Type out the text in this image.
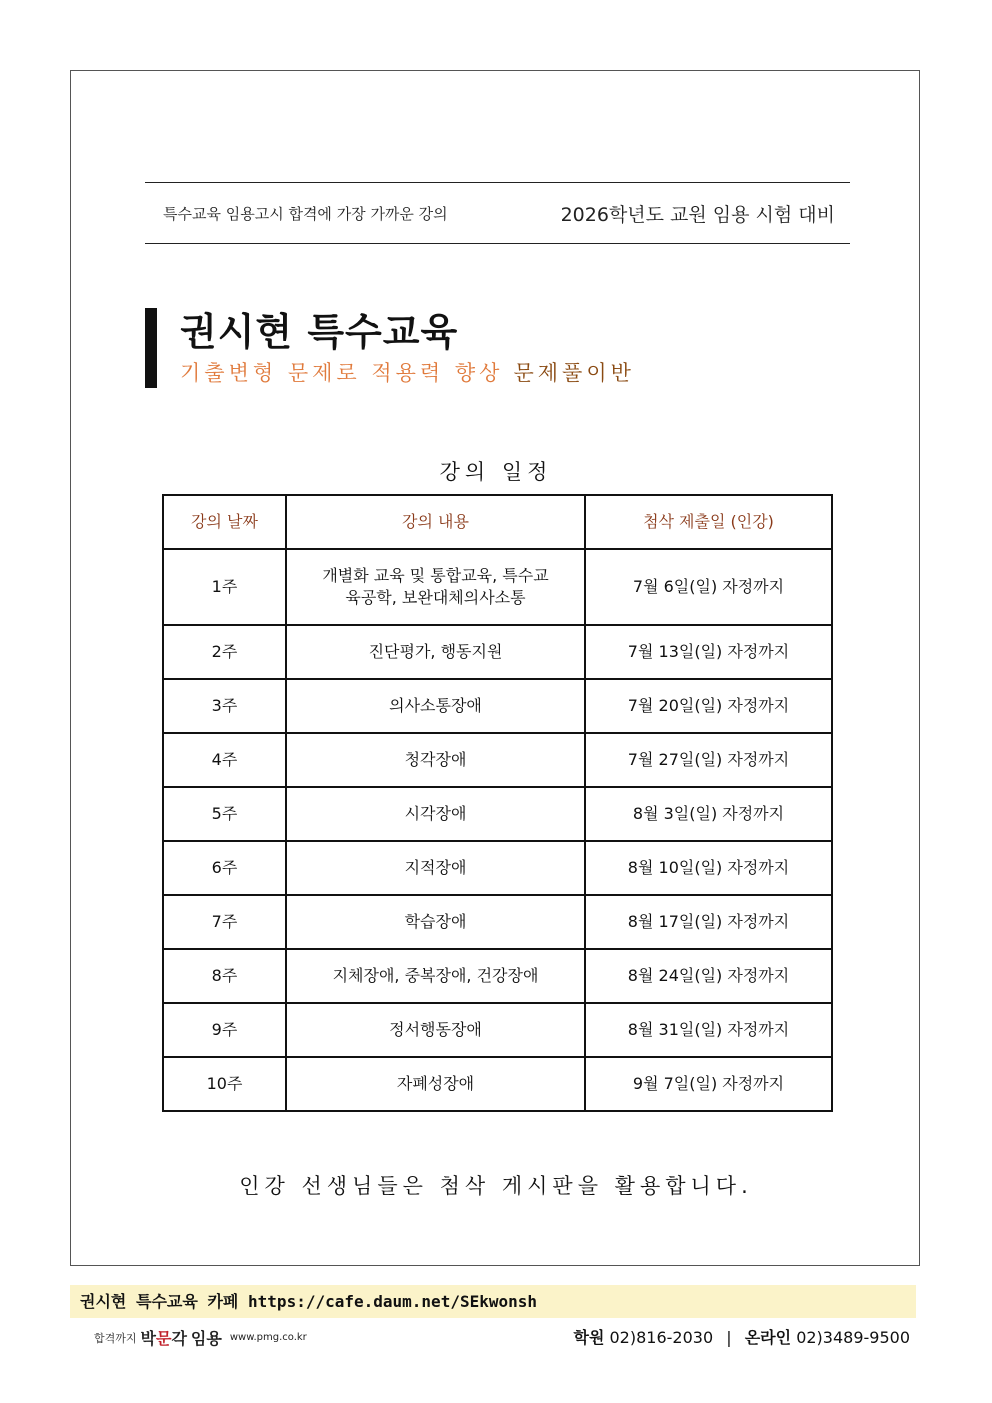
특수교육 임용고시 합격에 가장 가까운 강의	2026학년도 교원 임용 시험 대비
권시현 특수교육
기출변형 문제로 적용력 향상 문제풀이반
강의 일정
강의 날짜	강의 내용	첨삭 제출일 (인강)
1주	개별화 교육 및 통합교육, 특수교육공학, 보완대체의사소통	7월 6일(일) 자정까지
2주	진단평가, 행동지원	7월 13일(일) 자정까지
3주	의사소통장애	7월 20일(일) 자정까지
4주	청각장애	7월 27일(일) 자정까지
5주	시각장애	8월 3일(일) 자정까지
6주	지적장애	8월 10일(일) 자정까지
7주	학습장애	8월 17일(일) 자정까지
8주	지체장애, 중복장애, 건강장애	8월 24일(일) 자정까지
9주	정서행동장애	8월 31일(일) 자정까지
10주	자폐성장애	9월 7일(일) 자정까지
인강 선생님들은 첨삭 게시판을 활용합니다.
권시현 특수교육 카페 https://cafe.daum.net/SEkwonsh
합격까지 박문각 임용 www.pmg.co.kr	학원 02)816-2030 | 온라인 02)3489-9500
